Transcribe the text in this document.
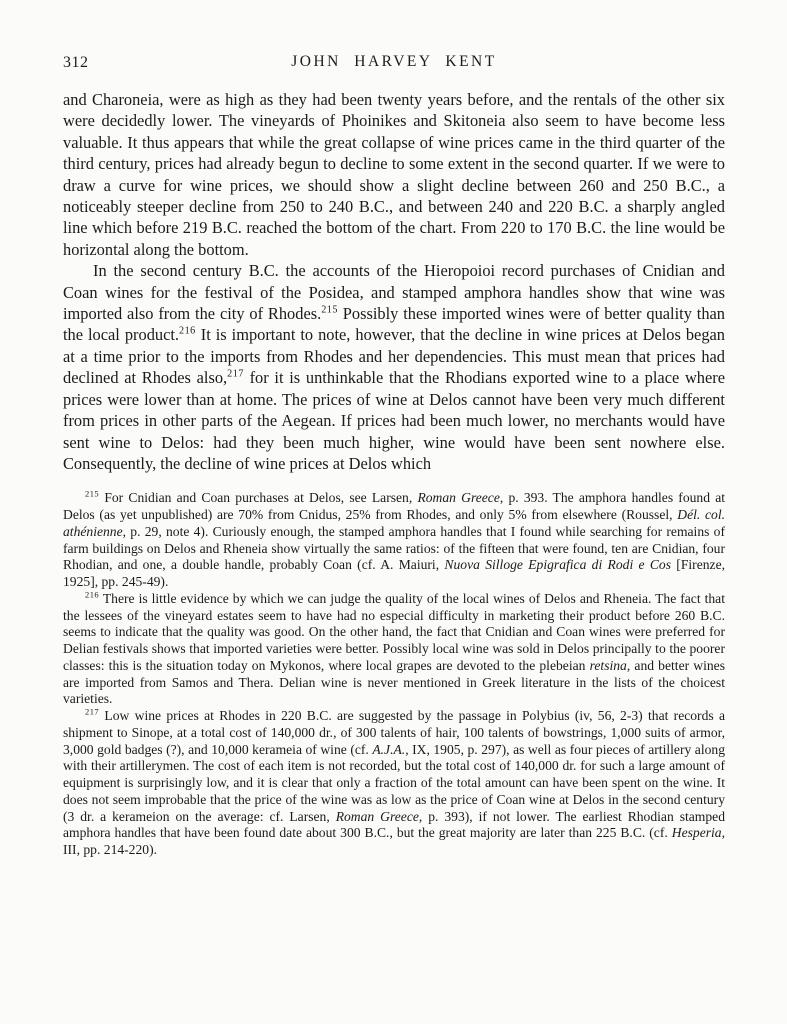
312	JOHN HARVEY KENT

and Charoneia, were as high as they had been twenty years before, and the rentals of the other six were decidedly lower. The vineyards of Phoinikes and Skitoneia also seem to have become less valuable. It thus appears that while the great collapse of wine prices came in the third quarter of the third century, prices had already begun to decline to some extent in the second quarter. If we were to draw a curve for wine prices, we should show a slight decline between 260 and 250 B.C., a noticeably steeper decline from 250 to 240 B.C., and between 240 and 220 B.C. a sharply angled line which before 219 B.C. reached the bottom of the chart. From 220 to 170 B.C. the line would be horizontal along the bottom.

In the second century B.C. the accounts of the Hieropoioi record purchases of Cnidian and Coan wines for the festival of the Posidea, and stamped amphora handles show that wine was imported also from the city of Rhodes.$^{215}$ Possibly these imported wines were of better quality than the local product.$^{216}$ It is important to note, however, that the decline in wine prices at Delos began at a time prior to the imports from Rhodes and her dependencies. This must mean that prices had declined at Rhodes also,$^{217}$ for it is unthinkable that the Rhodians exported wine to a place where prices were lower than at home. The prices of wine at Delos cannot have been very much different from prices in other parts of the Aegean. If prices had been much lower, no merchants would have sent wine to Delos: had they been much higher, wine would have been sent nowhere else. Consequently, the decline of wine prices at Delos which

$^{215}$ For Cnidian and Coan purchases at Delos, see Larsen, Roman Greece, p. 393. The amphora handles found at Delos (as yet unpublished) are 70% from Cnidus, 25% from Rhodes, and only 5% from elsewhere (Roussel, Dél. col. athénienne, p. 29, note 4). Curiously enough, the stamped amphora handles that I found while searching for remains of farm buildings on Delos and Rheneia show virtually the same ratios: of the fifteen that were found, ten are Cnidian, four Rhodian, and one, a double handle, probably Coan (cf. A. Maiuri, Nuova Silloge Epigrafica di Rodi e Cos [Firenze, 1925], pp. 245-49).

$^{216}$ There is little evidence by which we can judge the quality of the local wines of Delos and Rheneia. The fact that the lessees of the vineyard estates seem to have had no especial difficulty in marketing their product before 260 B.C. seems to indicate that the quality was good. On the other hand, the fact that Cnidian and Coan wines were preferred for Delian festivals shows that imported varieties were better. Possibly local wine was sold in Delos principally to the poorer classes: this is the situation today on Mykonos, where local grapes are devoted to the plebeian retsina, and better wines are imported from Samos and Thera. Delian wine is never mentioned in Greek literature in the lists of the choicest varieties.

$^{217}$ Low wine prices at Rhodes in 220 B.C. are suggested by the passage in Polybius (iv, 56, 2-3) that records a shipment to Sinope, at a total cost of 140,000 dr., of 300 talents of hair, 100 talents of bowstrings, 1,000 suits of armor, 3,000 gold badges (?), and 10,000 kerameia of wine (cf. A.J.A., IX, 1905, p. 297), as well as four pieces of artillery along with their artillerymen. The cost of each item is not recorded, but the total cost of 140,000 dr. for such a large amount of equipment is surprisingly low, and it is clear that only a fraction of the total amount can have been spent on the wine. It does not seem improbable that the price of the wine was as low as the price of Coan wine at Delos in the second century (3 dr. a kerameion on the average: cf. Larsen, Roman Greece, p. 393), if not lower. The earliest Rhodian stamped amphora handles that have been found date about 300 B.C., but the great majority are later than 225 B.C. (cf. Hesperia, III, pp. 214-220).
